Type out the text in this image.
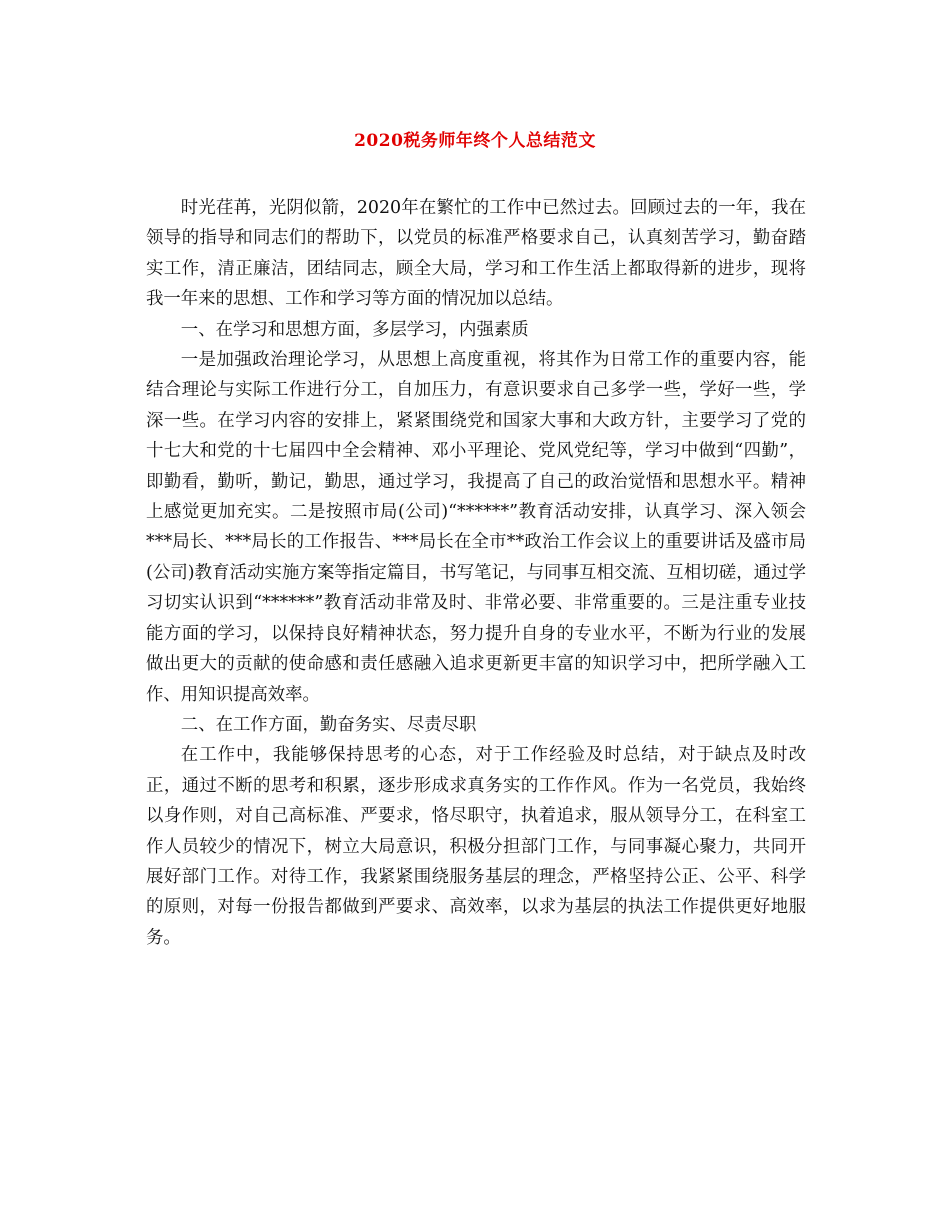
2020税务师年终个人总结范文

时光荏苒，光阴似箭，2020年在繁忙的工作中已然过去。回顾过去的一年，我在领导的指导和同志们的帮助下，以党员的标准严格要求自己，认真刻苦学习，勤奋踏实工作，清正廉洁，团结同志，顾全大局，学习和工作生活上都取得新的进步，现将我一年来的思想、工作和学习等方面的情况加以总结。

一、在学习和思想方面，多层学习，内强素质

一是加强政治理论学习，从思想上高度重视，将其作为日常工作的重要内容，能结合理论与实际工作进行分工，自加压力，有意识要求自己多学一些，学好一些，学深一些。在学习内容的安排上，紧紧围绕党和国家大事和大政方针，主要学习了党的十七大和党的十七届四中全会精神、邓小平理论、党风党纪等，学习中做到“四勤”，即勤看，勤听，勤记，勤思，通过学习，我提高了自己的政治觉悟和思想水平。精神上感觉更加充实。二是按照市局(公司)“******”教育活动安排，认真学习、深入领会***局长、***局长的工作报告、***局长在全市**政治工作会议上的重要讲话及盛市局(公司)教育活动实施方案等指定篇目，书写笔记，与同事互相交流、互相切磋，通过学习切实认识到“******”教育活动非常及时、非常必要、非常重要的。三是注重专业技能方面的学习，以保持良好精神状态，努力提升自身的专业水平，不断为行业的发展做出更大的贡献的使命感和责任感融入追求更新更丰富的知识学习中，把所学融入工作、用知识提高效率。

二、在工作方面，勤奋务实、尽责尽职

在工作中，我能够保持思考的心态，对于工作经验及时总结，对于缺点及时改正，通过不断的思考和积累，逐步形成求真务实的工作作风。作为一名党员，我始终以身作则，对自己高标准、严要求，恪尽职守，执着追求，服从领导分工，在科室工作人员较少的情况下，树立大局意识，积极分担部门工作，与同事凝心聚力，共同开展好部门工作。对待工作，我紧紧围绕服务基层的理念，严格坚持公正、公平、科学的原则，对每一份报告都做到严要求、高效率，以求为基层的执法工作提供更好地服务。
